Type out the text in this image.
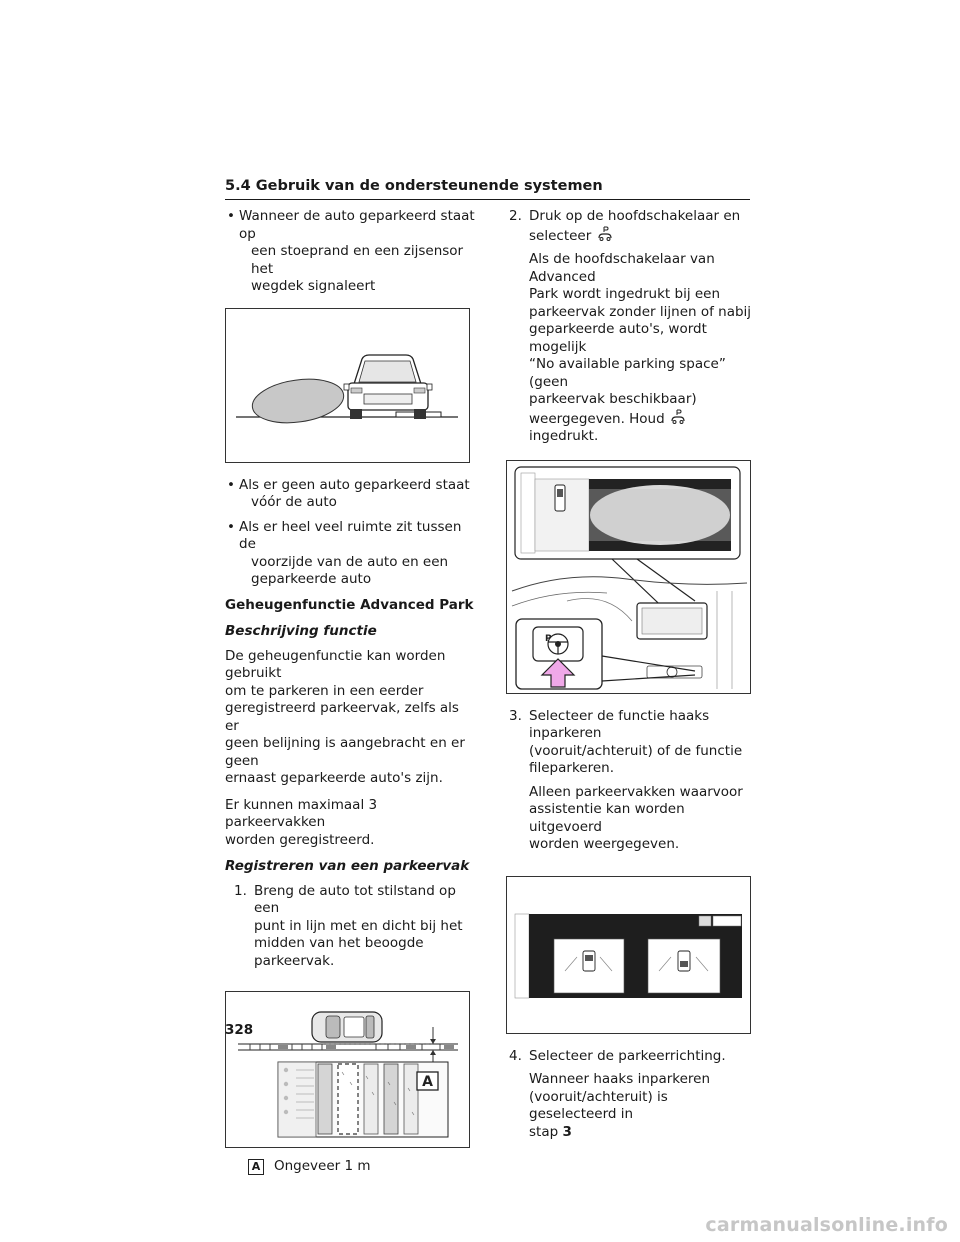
5.4 Gebruik van de ondersteunende systemen
• Wanneer de auto geparkeerd staat op
een stoeprand en een zijsensor het
wegdek signaleert
• Als er geen auto geparkeerd staat
vóór de auto
• Als er heel veel ruimte zit tussen de
voorzijde van de auto en een
geparkeerde auto
Geheugenfunctie Advanced Park
Beschrijving functie
De geheugenfunctie kan worden gebruikt
om te parkeren in een eerder
geregistreerd parkeervak, zelfs als er
geen belijning is aangebracht en er geen
ernaast geparkeerde auto's zijn.
Er kunnen maximaal 3 parkeervakken
worden geregistreerd.
Registreren van een parkeervak
1. Breng de auto tot stilstand op een
punt in lijn met en dicht bij het
midden van het beoogde parkeervak.
A
A Ongeveer 1 m
2. Druk op de hoofdschakelaar en
selecteer
Als de hoofdschakelaar van Advanced
Park wordt ingedrukt bij een
parkeervak zonder lijnen of nabij
geparkeerde auto's, wordt mogelijk
“No available parking space” (geen
parkeervak beschikbaar)
weergegeven. Houd  ingedrukt.
P
3. Selecteer de functie haaks inparkeren
(vooruit/achteruit) of de functie
fileparkeren.
Alleen parkeervakken waarvoor
assistentie kan worden uitgevoerd
worden weergegeven.
4. Selecteer de parkeerrichting.
Wanneer haaks inparkeren
(vooruit/achteruit) is geselecteerd in
stap 3
328
carmanualsonline.info
